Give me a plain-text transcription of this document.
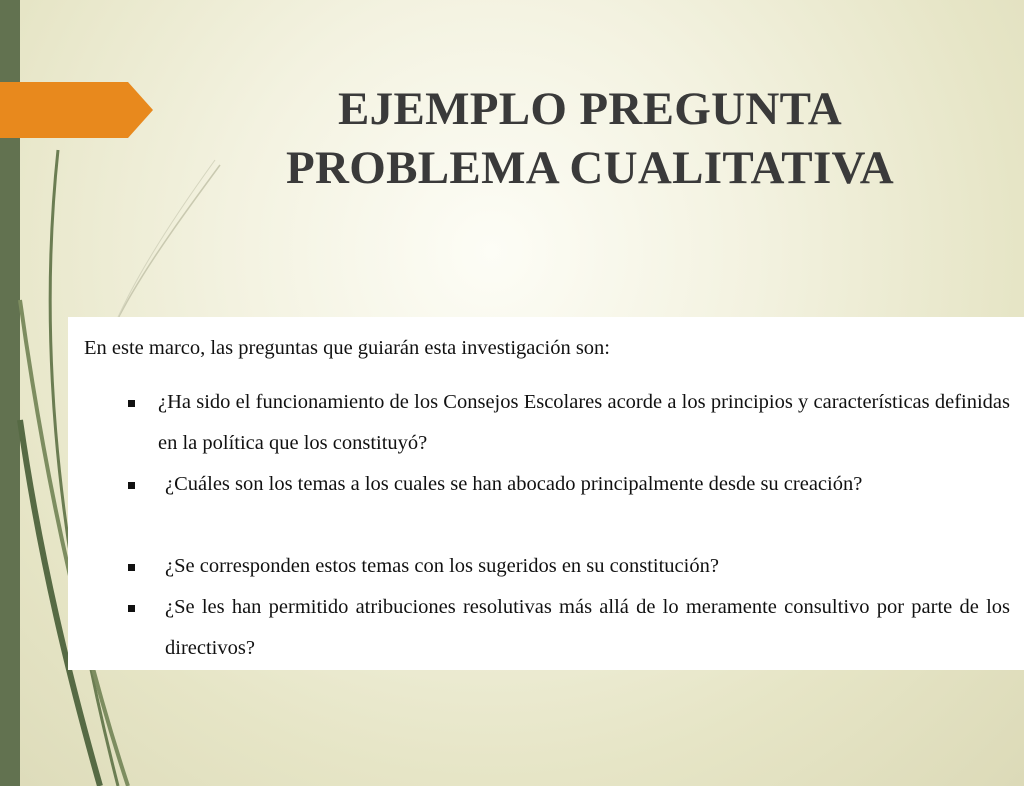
EJEMPLO PREGUNTA
PROBLEMA CUALITATIVA
En este marco, las preguntas que guiarán esta investigación son:
¿Ha sido el funcionamiento de los Consejos Escolares acorde a los principios y características definidas en la política que los constituyó?
¿Cuáles son los temas a los cuales se han abocado principalmente desde su creación?
¿Se corresponden estos temas con los sugeridos en su constitución?
¿Se les han permitido atribuciones resolutivas más allá de lo meramente consultivo por parte de los directivos?
